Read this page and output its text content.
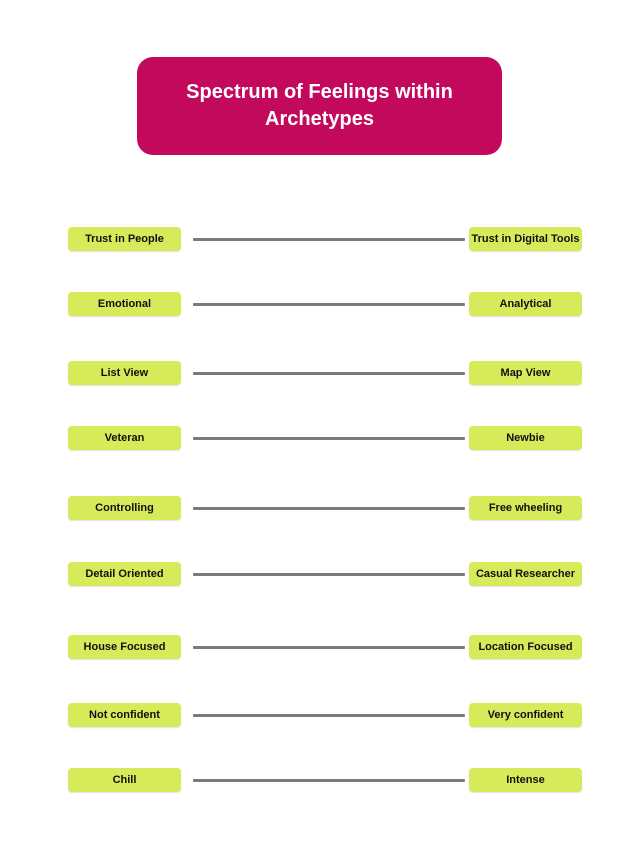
Spectrum of Feelings within Archetypes
Trust in People	Trust in Digital Tools
Emotional	Analytical
List View	Map View
Veteran	Newbie
Controlling	Free wheeling
Detail Oriented	Casual Researcher
House Focused	Location Focused
Not confident	Very confident
Chill	Intense
